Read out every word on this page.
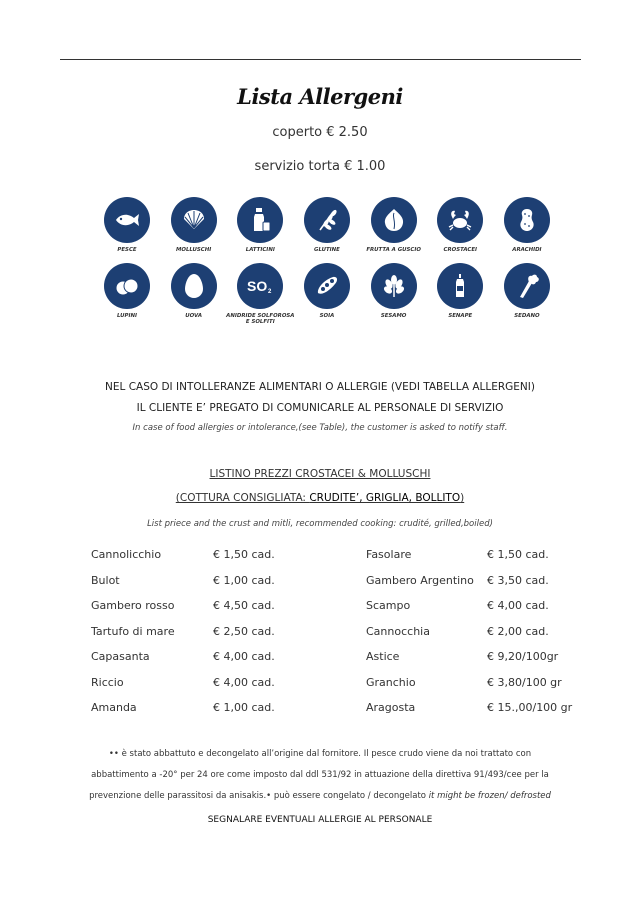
Lista Allergeni
coperto € 2.50
servizio torta € 1.00
PESCE	MOLLUSCHI	LATTICINI	GLUTINE	FRUTTA A GUSCIO	CROSTACEI	ARACHIDI
LUPINI	UOVA
SO 2
ANIDRIDE SOLFOROSA
E SOLFITI
SOIA	SESAMO	SENAPE	SEDANO
NEL CASO DI INTOLLERANZE ALIMENTARI O ALLERGIE (VEDI TABELLA ALLERGENI)
IL CLIENTE E’ PREGATO DI COMUNICARLE AL PERSONALE DI SERVIZIO
In case of food allergies or intolerance,(see Table), the customer is asked to notify staff.
LISTINO PREZZI CROSTACEI & MOLLUSCHI
(COTTURA CONSIGLIATA: CRUDITE’, GRIGLIA, BOLLITO)
List priece and the crust and mitli, recommended cooking: crudité, grilled,boiled)
Cannolicchio	€ 1,50 cad.	Fasolare	€ 1,50 cad.
Bulot	€ 1,00 cad.	Gambero Argentino	€ 3,50 cad.
Gambero rosso	€ 4,50 cad.	Scampo	€ 4,00 cad.
Tartufo di mare	€ 2,50 cad.	Cannocchia	€ 2,00 cad.
Capasanta	€ 4,00 cad.	Astice	€ 9,20/100gr
Riccio	€ 4,00 cad.	Granchio	€ 3,80/100 gr
Amanda	€ 1,00 cad.	Aragosta	€ 15.,00/100 gr
•• è stato abbattuto e decongelato all’origine dal fornitore. Il pesce crudo viene da noi trattato con
abbattimento a -20° per 24 ore come imposto dal ddl 531/92 in attuazione della direttiva 91/493/cee per la
prevenzione delle parassitosi da anisakis.• può essere congelato / decongelato it might be frozen/ defrosted
SEGNALARE EVENTUALI ALLERGIE AL PERSONALE
